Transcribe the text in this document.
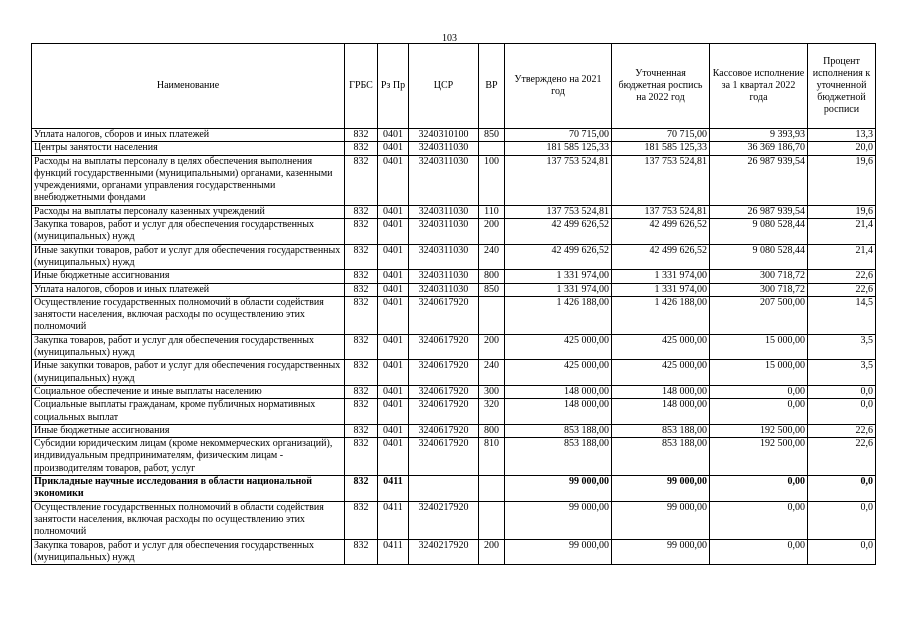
103
Наименование	ГРБС	Рз Пр	ЦСР	ВР	Утверждено на 2021 год	Уточненная бюджетная роспись на 2022 год	Кассовое исполнение за 1 квартал 2022 года	Процент исполнения к уточненной бюджетной росписи
Уплата налогов, сборов и иных платежей	832	0401	3240310100	850	70 715,00	70 715,00	9 393,93	13,3
Центры занятости населения	832	0401	3240311030		181 585 125,33	181 585 125,33	36 369 186,70	20,0
Расходы на выплаты персоналу в целях обеспечения выполнения функций государственными (муниципальными) органами, казенными учреждениями, органами управления государственными внебюджетными фондами	832	0401	3240311030	100	137 753 524,81	137 753 524,81	26 987 939,54	19,6
Расходы на выплаты персоналу казенных учреждений	832	0401	3240311030	110	137 753 524,81	137 753 524,81	26 987 939,54	19,6
Закупка товаров, работ и услуг для обеспечения государственных (муниципальных) нужд	832	0401	3240311030	200	42 499 626,52	42 499 626,52	9 080 528,44	21,4
Иные закупки товаров, работ и услуг для обеспечения государственных (муниципальных) нужд	832	0401	3240311030	240	42 499 626,52	42 499 626,52	9 080 528,44	21,4
Иные бюджетные ассигнования	832	0401	3240311030	800	1 331 974,00	1 331 974,00	300 718,72	22,6
Уплата налогов, сборов и иных платежей	832	0401	3240311030	850	1 331 974,00	1 331 974,00	300 718,72	22,6
Осуществление государственных полномочий в области содействия занятости населения, включая расходы по осуществлению этих полномочий	832	0401	3240617920		1 426 188,00	1 426 188,00	207 500,00	14,5
Закупка товаров, работ и услуг для обеспечения государственных (муниципальных) нужд	832	0401	3240617920	200	425 000,00	425 000,00	15 000,00	3,5
Иные закупки товаров, работ и услуг для обеспечения государственных (муниципальных) нужд	832	0401	3240617920	240	425 000,00	425 000,00	15 000,00	3,5
Социальное обеспечение и иные выплаты населению	832	0401	3240617920	300	148 000,00	148 000,00	0,00	0,0
Социальные выплаты гражданам, кроме публичных нормативных социальных выплат	832	0401	3240617920	320	148 000,00	148 000,00	0,00	0,0
Иные бюджетные ассигнования	832	0401	3240617920	800	853 188,00	853 188,00	192 500,00	22,6
Субсидии юридическим лицам (кроме некоммерческих организаций), индивидуальным предпринимателям, физическим лицам - производителям товаров, работ, услуг	832	0401	3240617920	810	853 188,00	853 188,00	192 500,00	22,6
Прикладные научные исследования в области национальной экономики	832	0411			99 000,00	99 000,00	0,00	0,0
Осуществление государственных полномочий в области содействия занятости населения, включая расходы по осуществлению этих полномочий	832	0411	3240217920		99 000,00	99 000,00	0,00	0,0
Закупка товаров, работ и услуг для обеспечения государственных (муниципальных) нужд	832	0411	3240217920	200	99 000,00	99 000,00	0,00	0,0
